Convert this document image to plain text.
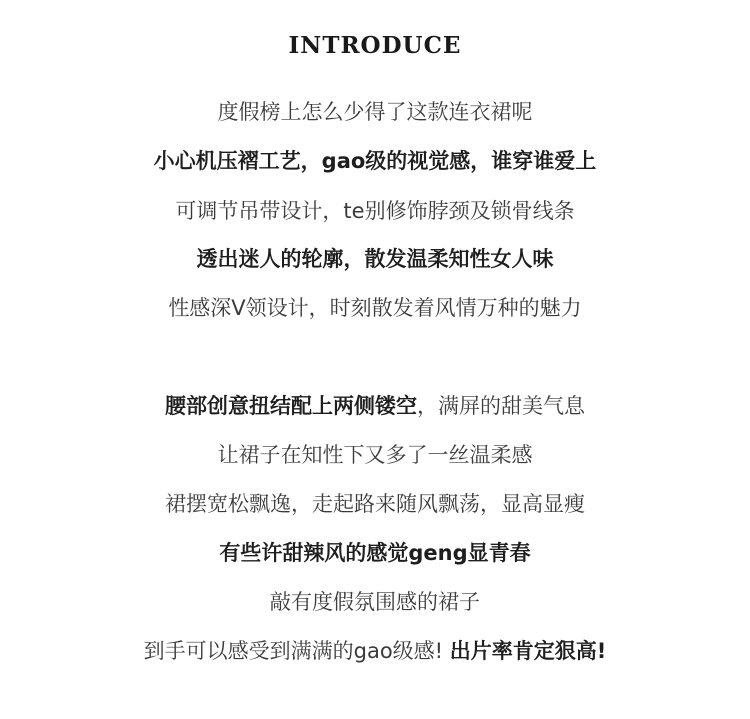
INTRODUCE
度假榜上怎么少得了这款连衣裙呢
小心机压褶工艺，gao级的视觉感，谁穿谁爱上
可调节吊带设计，te别修饰脖颈及锁骨线条
透出迷人的轮廓，散发温柔知性女人味
性感深V领设计，时刻散发着风情万种的魅力
腰部创意扭结配上两侧镂空，满屏的甜美气息
让裙子在知性下又多了一丝温柔感
裙摆宽松飘逸，走起路来随风飘荡，显高显瘦
有些许甜辣风的感觉geng显青春
敲有度假氛围感的裙子
到手可以感受到满满的gao级感! 出片率肯定狠高!
